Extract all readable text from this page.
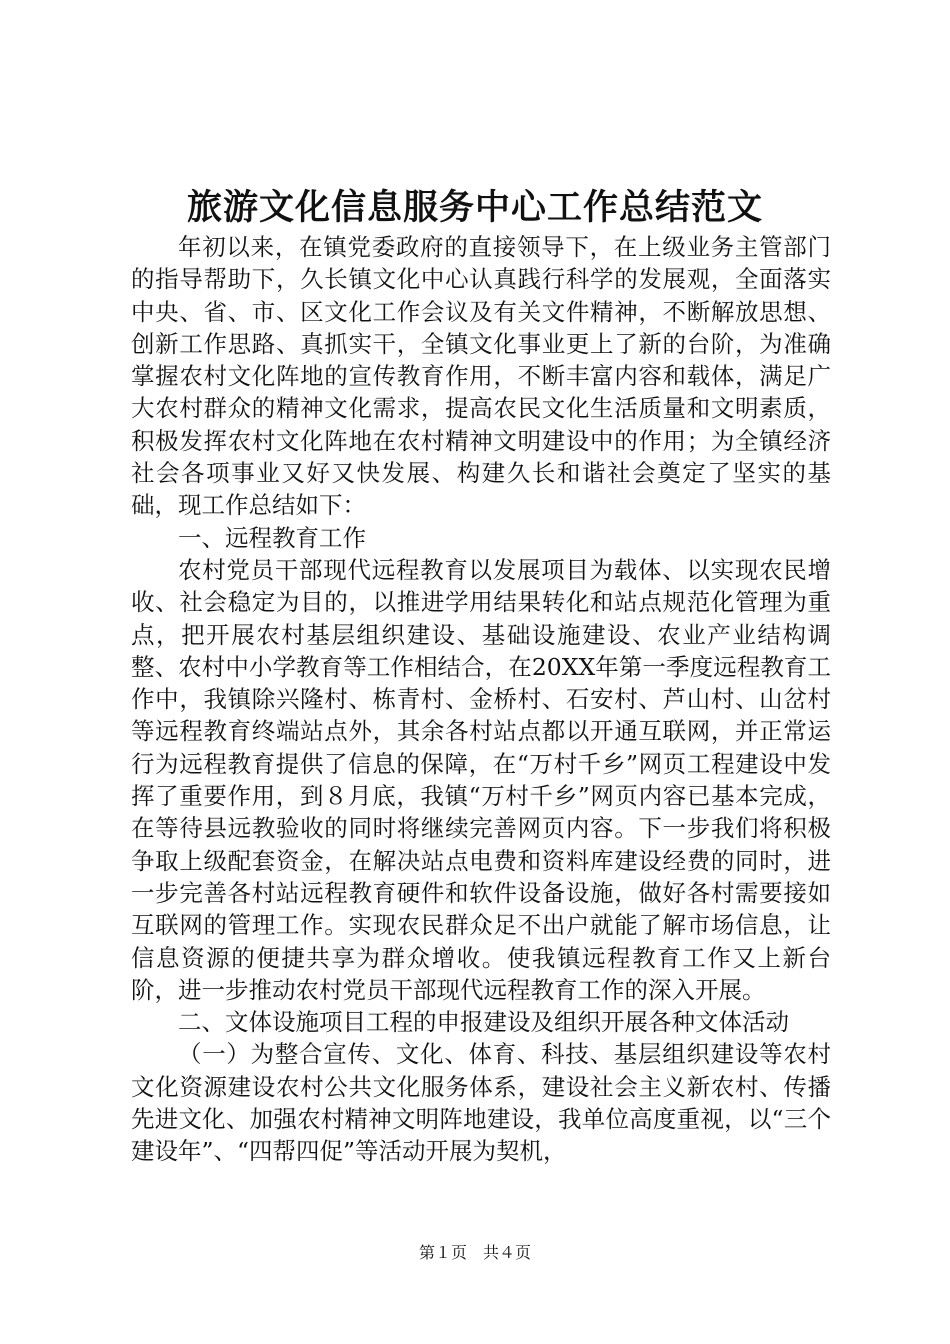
旅游文化信息服务中心工作总结范文

年初以来，在镇党委政府的直接领导下，在上级业务主管部门的指导帮助下，久长镇文化中心认真践行科学的发展观，全面落实中央、省、市、区文化工作会议及有关文件精神，不断解放思想、创新工作思路、真抓实干，全镇文化事业更上了新的台阶，为准确掌握农村文化阵地的宣传教育作用，不断丰富内容和载体，满足广大农村群众的精神文化需求，提高农民文化生活质量和文明素质，积极发挥农村文化阵地在农村精神文明建设中的作用；为全镇经济社会各项事业又好又快发展、构建久长和谐社会奠定了坚实的基础，现工作总结如下：

一、远程教育工作

农村党员干部现代远程教育以发展项目为载体、以实现农民增收、社会稳定为目的，以推进学用结果转化和站点规范化管理为重点，把开展农村基层组织建设、基础设施建设、农业产业结构调整、农村中小学教育等工作相结合，在20XX年第一季度远程教育工作中，我镇除兴隆村、栋青村、金桥村、石安村、芦山村、山岔村等远程教育终端站点外，其余各村站点都以开通互联网，并正常运行为远程教育提供了信息的保障，在“万村千乡”网页工程建设中发挥了重要作用，到８月底，我镇“万村千乡”网页内容已基本完成，在等待县远教验收的同时将继续完善网页内容。下一步我们将积极争取上级配套资金，在解决站点电费和资料库建设经费的同时，进一步完善各村站远程教育硬件和软件设备设施，做好各村需要接如互联网的管理工作。实现农民群众足不出户就能了解市场信息，让信息资源的便捷共享为群众增收。使我镇远程教育工作又上新台阶，进一步推动农村党员干部现代远程教育工作的深入开展。

二、文体设施项目工程的申报建设及组织开展各种文体活动

（一）为整合宣传、文化、体育、科技、基层组织建设等农村文化资源建设农村公共文化服务体系，建设社会主义新农村、传播先进文化、加强农村精神文明阵地建设，我单位高度重视，以“三个建设年”、“四帮四促”等活动开展为契机，

第１页　共４页
